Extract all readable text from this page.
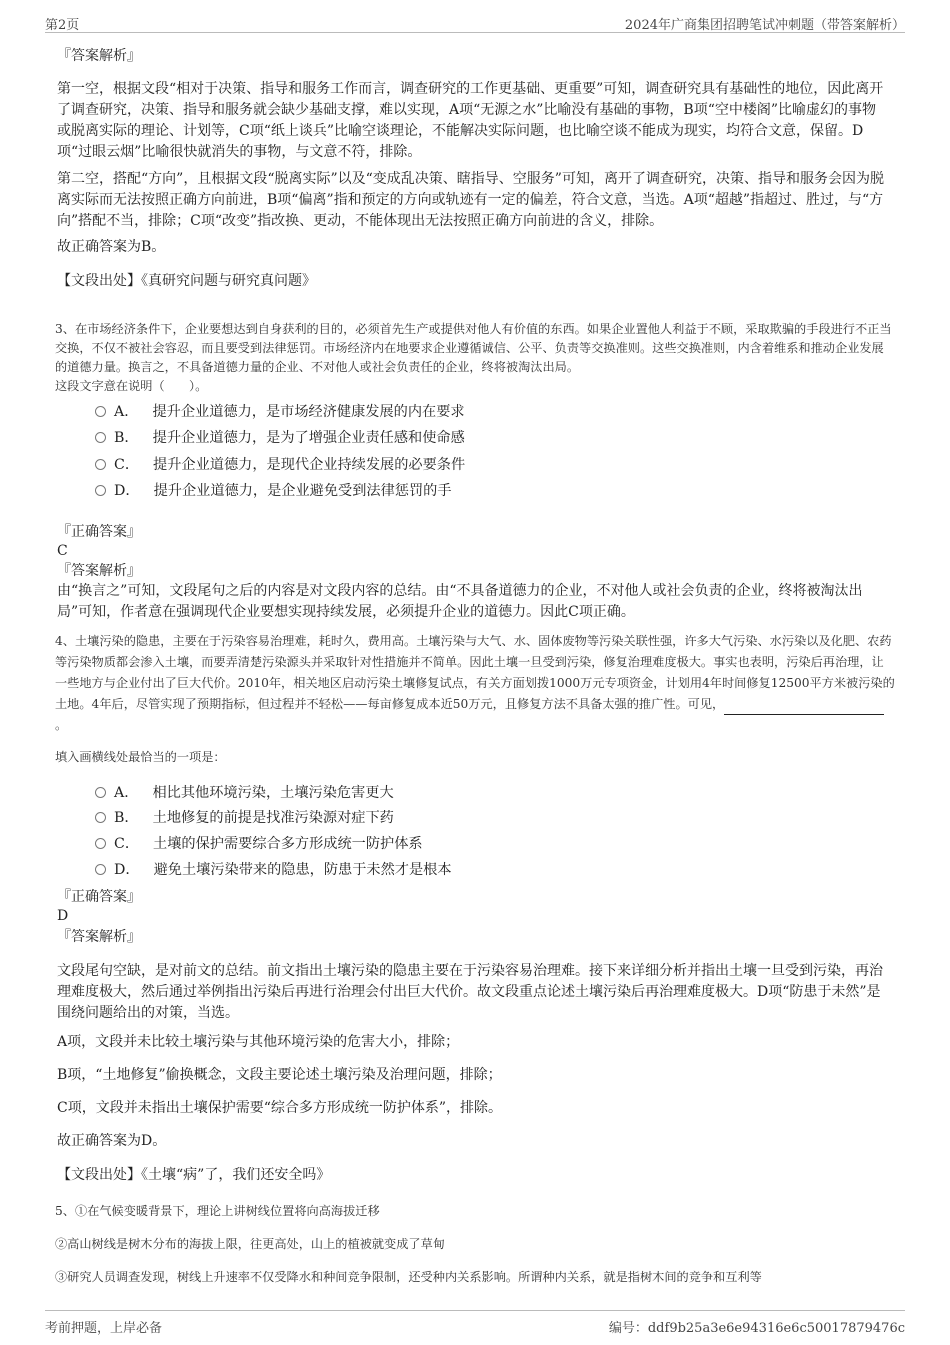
第2页	2024年广商集团招聘笔试冲刺题（带答案解析）
『答案解析』
第一空，根据文段“相对于决策、指导和服务工作而言，调查研究的工作更基础、更重要”可知，调查研究具有基础性的地位，因此离开了调查研究，决策、指导和服务就会缺少基础支撑，难以实现，A项“无源之水”比喻没有基础的事物，B项“空中楼阁”比喻虚幻的事物或脱离实际的理论、计划等，C项“纸上谈兵”比喻空谈理论，不能解决实际问题，也比喻空谈不能成为现实，均符合文意，保留。D项“过眼云烟”比喻很快就消失的事物，与文意不符，排除。
第二空，搭配“方向”，且根据文段“脱离实际”以及“变成乱决策、瞎指导、空服务”可知，离开了调查研究，决策、指导和服务会因为脱离实际而无法按照正确方向前进，B项“偏离”指和预定的方向或轨迹有一定的偏差，符合文意，当选。A项“超越”指超过、胜过，与“方向”搭配不当，排除；C项“改变”指改换、更动，不能体现出无法按照正确方向前进的含义，排除。
故正确答案为B。
【文段出处】《真研究问题与研究真问题》
3、在市场经济条件下，企业要想达到自身获利的目的，必须首先生产或提供对他人有价值的东西。如果企业置他人利益于不顾，采取欺骗的手段进行不正当交换，不仅不被社会容忍，而且要受到法律惩罚。市场经济内在地要求企业遵循诚信、公平、负责等交换准则。这些交换准则，内含着维系和推动企业发展的道德力量。换言之，不具备道德力量的企业、不对他人或社会负责任的企业，终将被淘汰出局。
这段文字意在说明（　　）。
A． 提升企业道德力，是市场经济健康发展的内在要求
B． 提升企业道德力，是为了增强企业责任感和使命感
C． 提升企业道德力，是现代企业持续发展的必要条件
D． 提升企业道德力，是企业避免受到法律惩罚的手
『正确答案』
C
『答案解析』
由“换言之”可知，文段尾句之后的内容是对文段内容的总结。由“不具备道德力的企业，不对他人或社会负责的企业，终将被淘汰出局”可知，作者意在强调现代企业要想实现持续发展，必须提升企业的道德力。因此C项正确。
4、土壤污染的隐患，主要在于污染容易治理难，耗时久，费用高。土壤污染与大气、水、固体废物等污染关联性强，许多大气污染、水污染以及化肥、农药等污染物质都会渗入土壤，而要弄清楚污染源头并采取针对性措施并不简单。因此土壤一旦受到污染，修复治理难度极大。事实也表明，污染后再治理，让一些地方与企业付出了巨大代价。2010年，相关地区启动污染土壤修复试点，有关方面划拨1000万元专项资金，计划用4年时间修复12500平方米被污染的土地。4年后，尽管实现了预期指标，但过程并不轻松——每亩修复成本近50万元，且修复方法不具备太强的推广性。可见，。
填入画横线处最恰当的一项是：
A． 相比其他环境污染，土壤污染危害更大
B． 土地修复的前提是找准污染源对症下药
C． 土壤的保护需要综合多方形成统一防护体系
D． 避免土壤污染带来的隐患，防患于未然才是根本
『正确答案』
D
『答案解析』
文段尾句空缺，是对前文的总结。前文指出土壤污染的隐患主要在于污染容易治理难。接下来详细分析并指出土壤一旦受到污染，再治理难度极大，然后通过举例指出污染后再进行治理会付出巨大代价。故文段重点论述土壤污染后再治理难度极大。D项“防患于未然”是围绕问题给出的对策，当选。
A项，文段并未比较土壤污染与其他环境污染的危害大小，排除；
B项，“土地修复”偷换概念，文段主要论述土壤污染及治理问题，排除；
C项，文段并未指出土壤保护需要“综合多方形成统一防护体系”，排除。
故正确答案为D。
【文段出处】《土壤“病”了，我们还安全吗》
5、①在气候变暖背景下，理论上讲树线位置将向高海拔迁移
②高山树线是树木分布的海拔上限，往更高处，山上的植被就变成了草甸
③研究人员调查发现，树线上升速率不仅受降水和种间竞争限制，还受种内关系影响。所谓种内关系，就是指树木间的竞争和互利等
考前押题，上岸必备	编号：ddf9b25a3e6e94316e6c50017879476c
